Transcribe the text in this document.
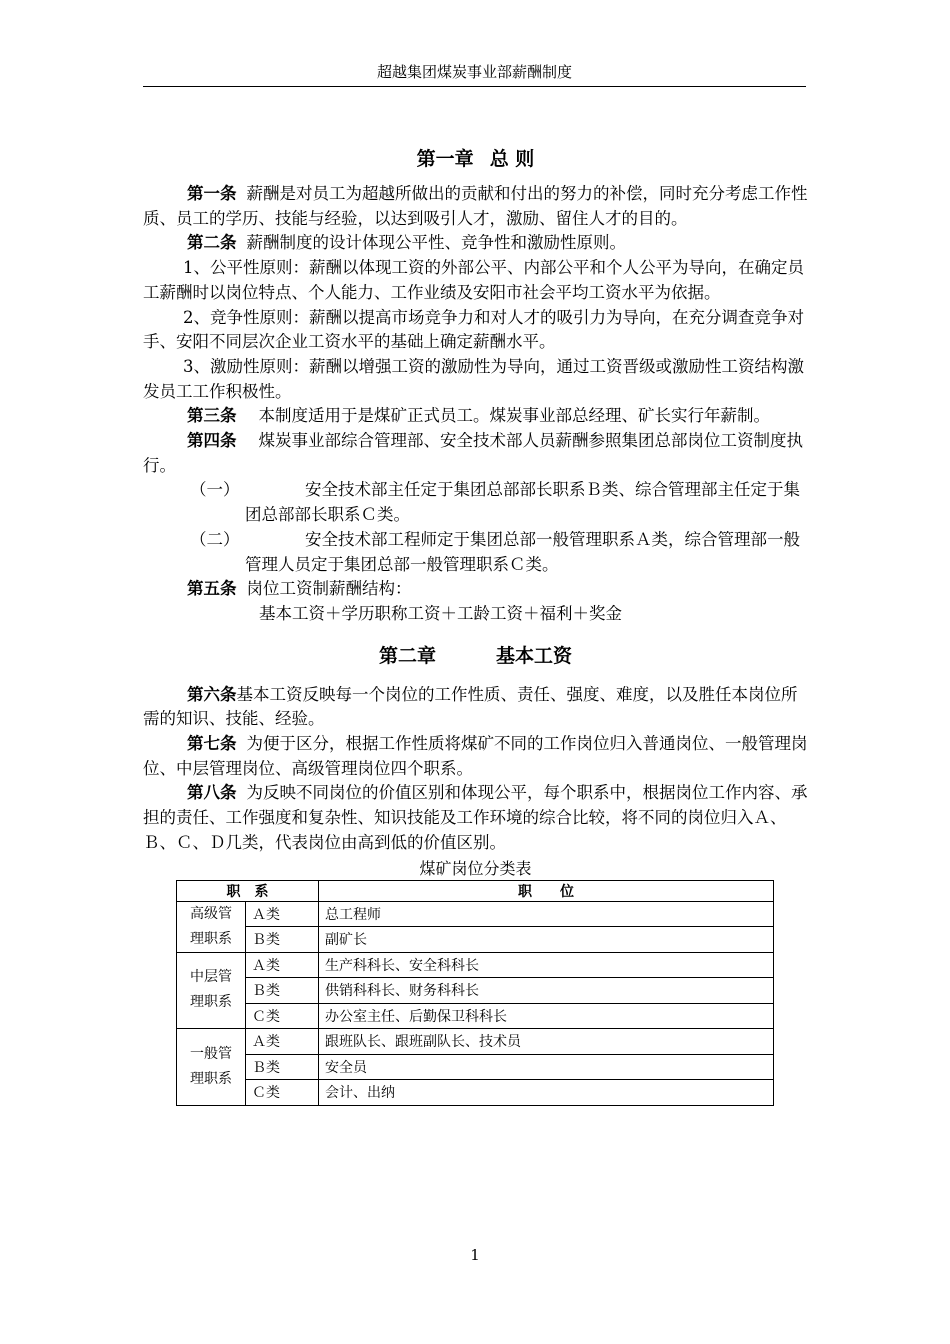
超越集团煤炭事业部薪酬制度
第一章 总 则

第一条 薪酬是对员工为超越所做出的贡献和付出的努力的补偿，同时充分考虑工作性质、员工的学历、技能与经验，以达到吸引人才，激励、留住人才的目的。

第二条 薪酬制度的设计体现公平性、竞争性和激励性原则。

1、公平性原则：薪酬以体现工资的外部公平、内部公平和个人公平为导向，在确定员工薪酬时以岗位特点、个人能力、工作业绩及安阳市社会平均工资水平为依据。

2、竞争性原则：薪酬以提高市场竞争力和对人才的吸引力为导向，在充分调查竞争对手、安阳不同层次企业工资水平的基础上确定薪酬水平。

3、激励性原则：薪酬以增强工资的激励性为导向，通过工资晋级或激励性工资结构激发员工工作积极性。

第三条 本制度适用于是煤矿正式员工。煤炭事业部总经理、矿长实行年薪制。

第四条 煤炭事业部综合管理部、安全技术部人员薪酬参照集团总部岗位工资制度执行。

（一）	安全技术部主任定于集团总部部长职系Ｂ类、综合管理部主任定于集团总部部长职系Ｃ类。

（二）	安全技术部工程师定于集团总部一般管理职系Ａ类，综合管理部一般管理人员定于集团总部一般管理职系Ｃ类。

第五条 岗位工资制薪酬结构：

基本工资＋学历职称工资＋工龄工资＋福利＋奖金

第二章	基本工资

第六条基本工资反映每一个岗位的工作性质、责任、强度、难度，以及胜任本岗位所需的知识、技能、经验。

第七条 为便于区分，根据工作性质将煤矿不同的工作岗位归入普通岗位、一般管理岗位、中层管理岗位、高级管理岗位四个职系。

第八条 为反映不同岗位的价值区别和体现公平，每个职系中，根据岗位工作内容、承担的责任、工作强度和复杂性、知识技能及工作环境的综合比较，将不同的岗位归入Ａ、Ｂ、Ｃ、Ｄ几类，代表岗位由高到低的价值区别。

煤矿岗位分类表
职　系		职　　位
高级管
理职系	Ａ类	总工程师
	Ｂ类	副矿长
中层管
理职系	Ａ类	生产科科长、安全科科长
	Ｂ类	供销科科长、财务科科长
	Ｃ类	办公室主任、后勤保卫科科长
一般管
理职系	Ａ类	跟班队长、跟班副队长、技术员
	Ｂ类	安全员
	Ｃ类	会计、出纳
1
